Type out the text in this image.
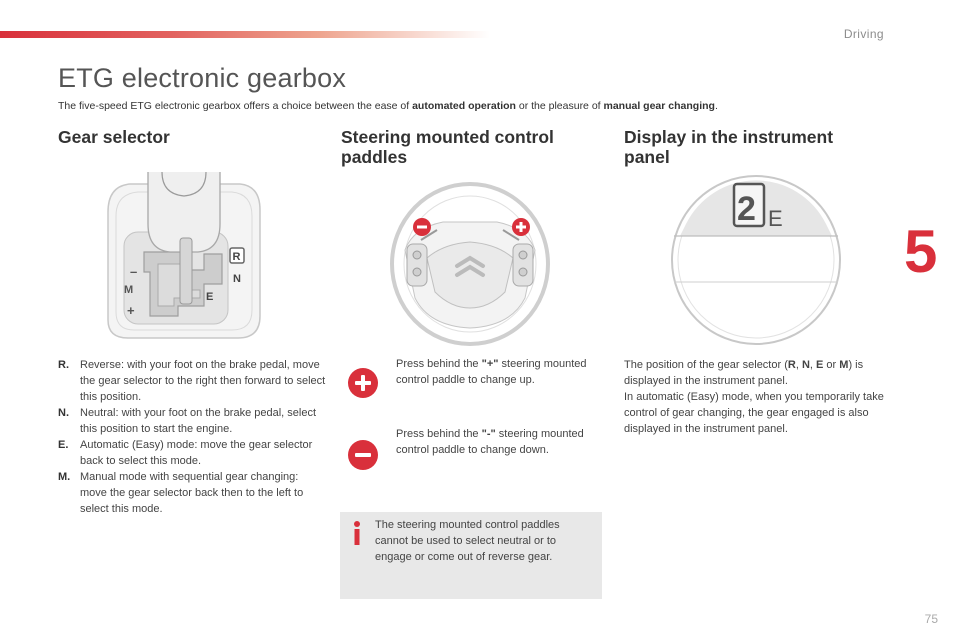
Driving
5
ETG electronic gearbox

The five-speed ETG electronic gearbox offers a choice between the ease of automated operation or the pleasure of manual gear changing.

Gear selector
–
M
+
R
N
E
R.	Reverse: with your foot on the brake pedal, move the gear selector to the right then forward to select this position.
N.	Neutral: with your foot on the brake pedal, select this position to start the engine.
E.	Automatic (Easy) mode: move the gear selector back to select this mode.
M. Manual mode with sequential gear changing: move the gear selector back then to the left to select this mode.
Steering mounted control
paddles
Press behind the "+" steering mounted control paddle to change up.
Press behind the "-" steering mounted control paddle to change down.
The steering mounted control paddles cannot be used to select neutral or to engage or come out of reverse gear.
Display in the instrument
panel
2 E
The position of the gear selector (R, N, E or M) is displayed in the instrument panel.
In automatic (Easy) mode, when you temporarily take control of gear changing, the gear engaged is also displayed in the instrument panel.
75
